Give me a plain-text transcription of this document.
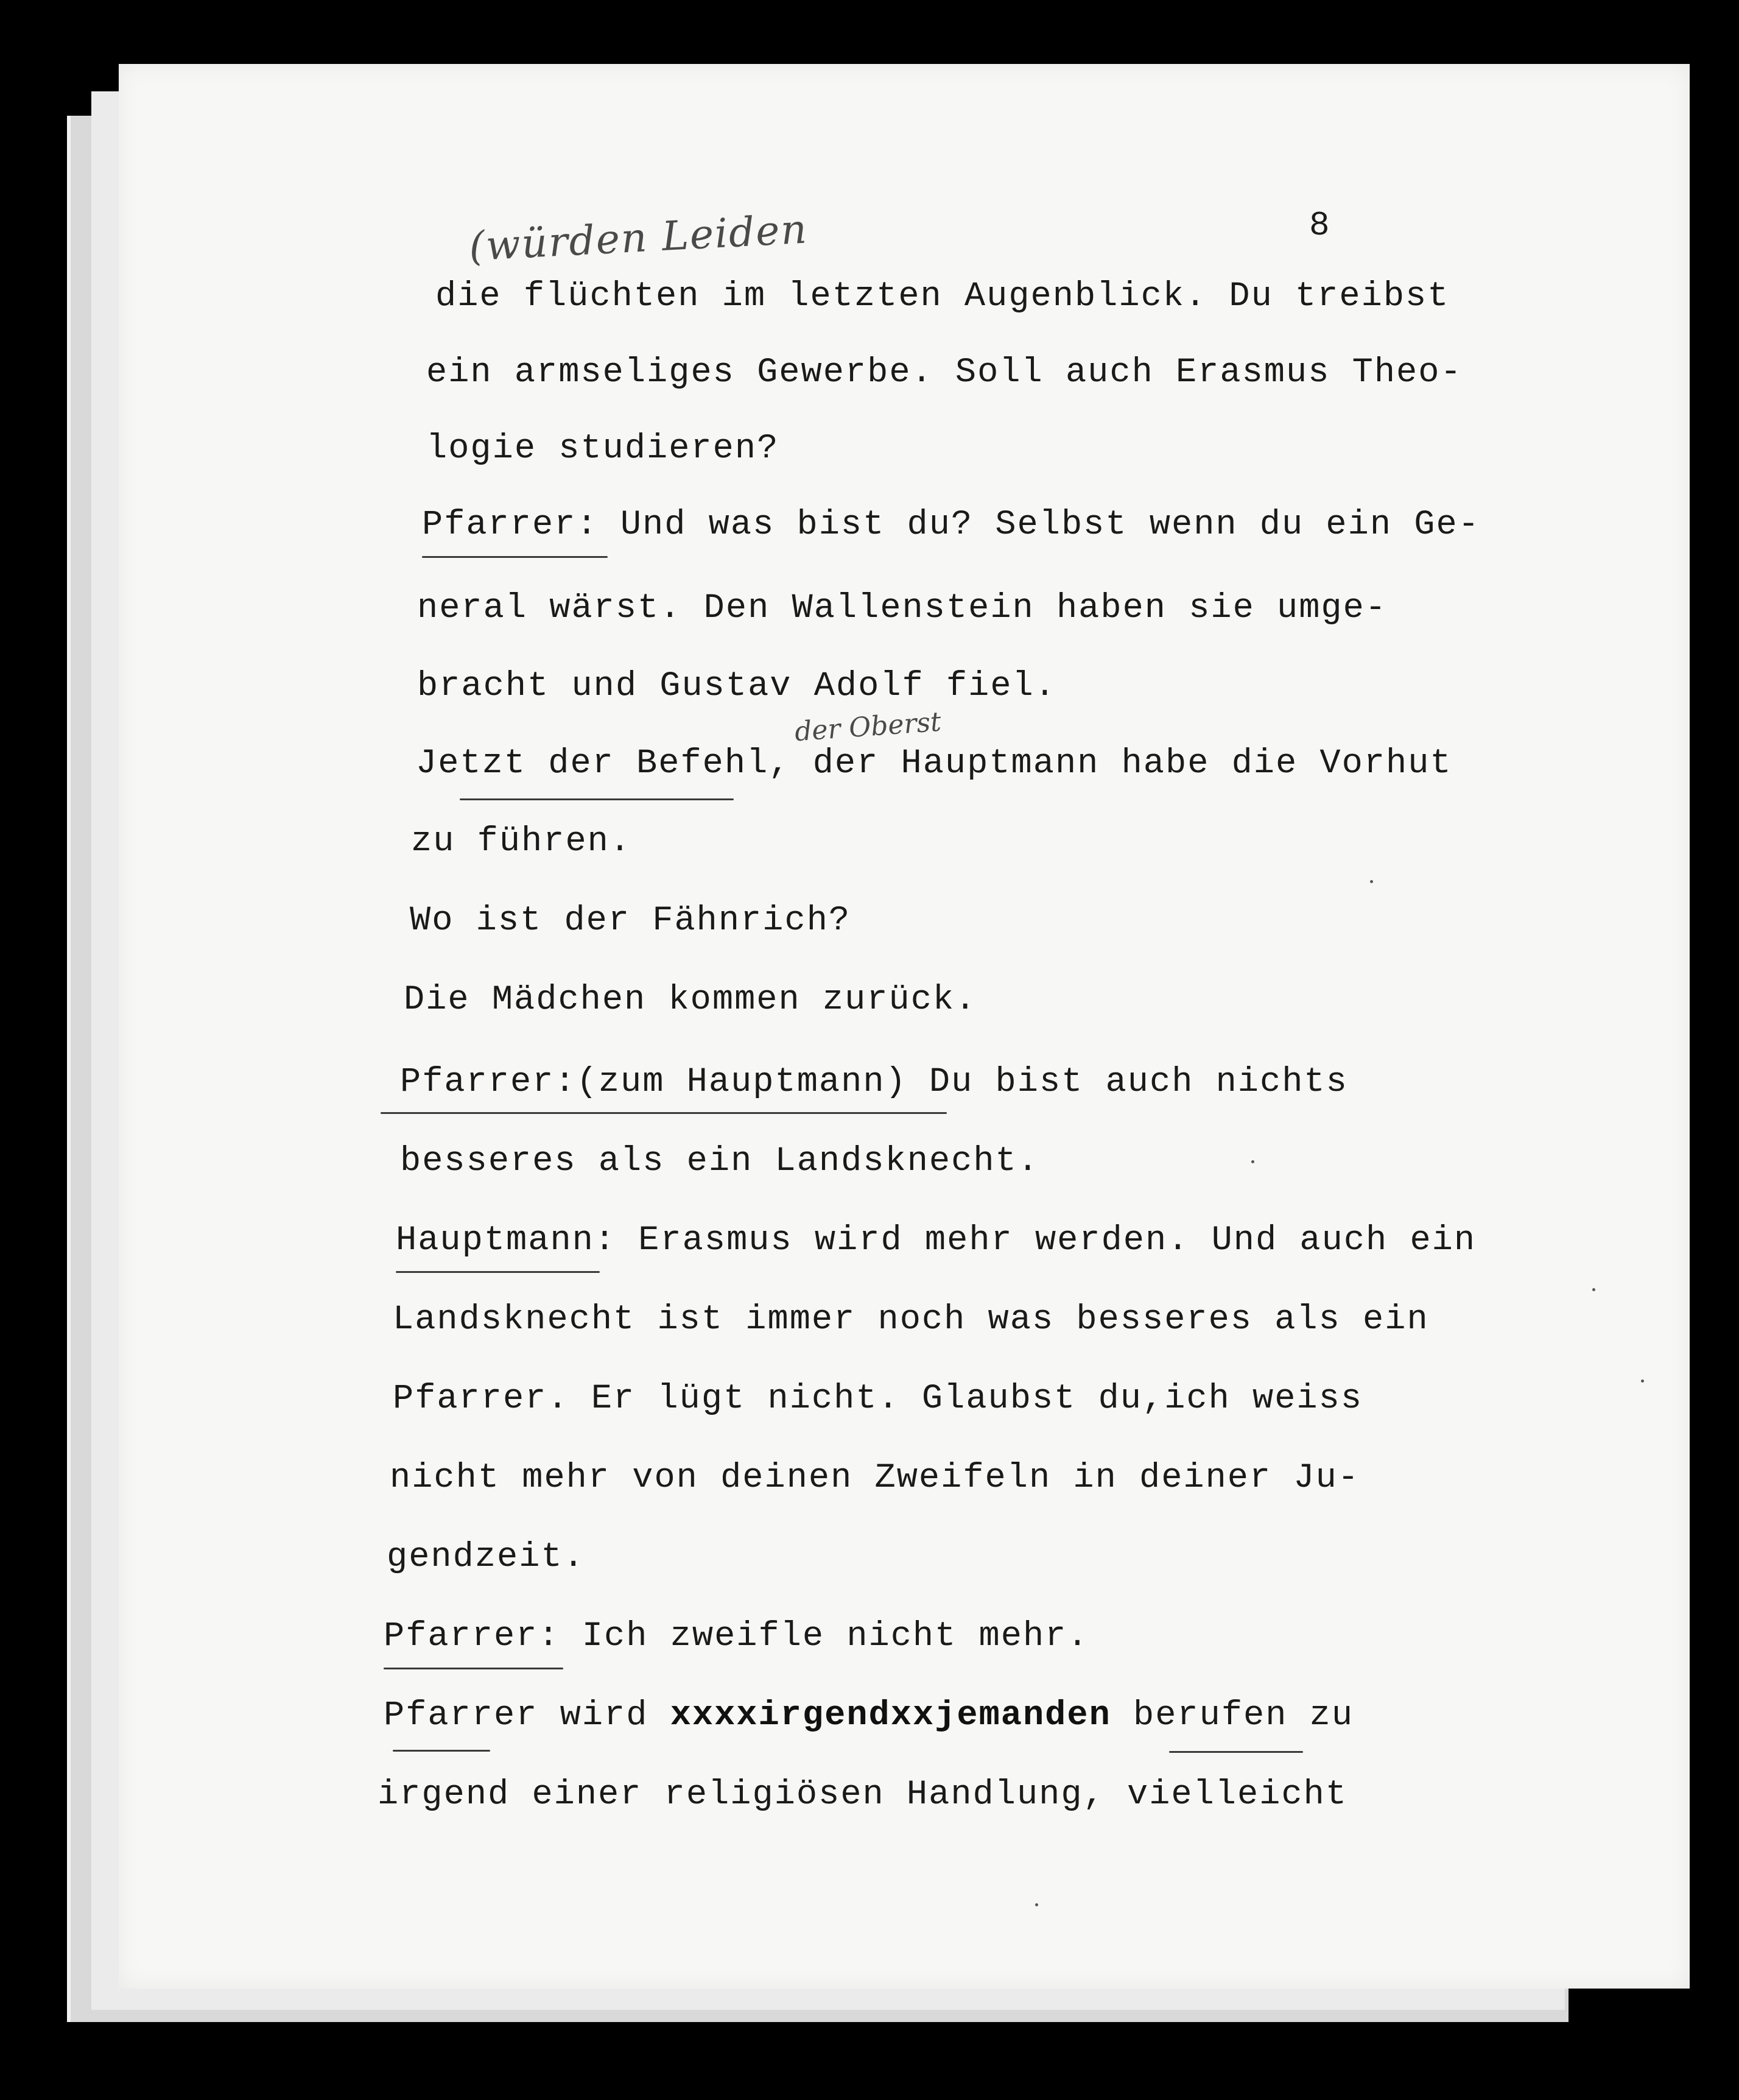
8
(würden Leiden
der Oberst
die flüchten im letzten Augenblick. Du treibst
ein armseliges Gewerbe. Soll auch Erasmus Theo-
logie studieren?
Pfarrer: Und was bist du? Selbst wenn du ein Ge-
neral wärst. Den Wallenstein haben sie umge-
bracht und Gustav Adolf fiel.
Jetzt der Befehl, der Hauptmann habe die Vorhut
zu führen.
Wo ist der Fähnrich?
Die Mädchen kommen zurück.
Pfarrer:(zum Hauptmann) Du bist auch nichts
besseres als ein Landsknecht.
Hauptmann: Erasmus wird mehr werden. Und auch ein
Landsknecht ist immer noch was besseres als ein
Pfarrer. Er lügt nicht. Glaubst du,ich weiss
nicht mehr von deinen Zweifeln in deiner Ju-
gendzeit.
Pfarrer: Ich zweifle nicht mehr.
Pfarrer wird xxxxirgendxxjemanden berufen zu
irgend einer religiösen Handlung, vielleicht
